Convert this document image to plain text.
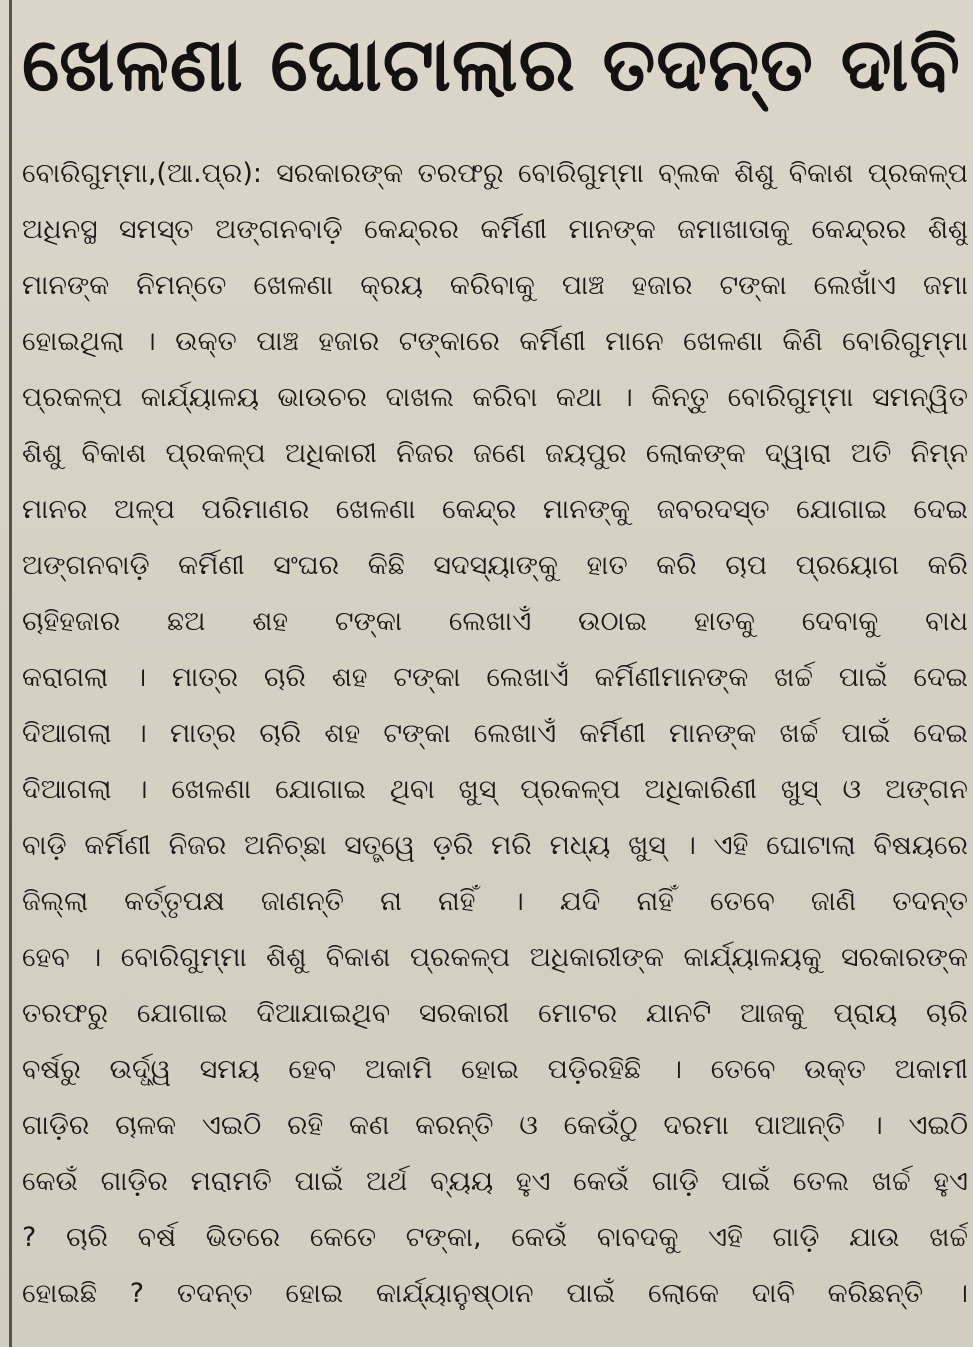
ଖେଳଣା ଘୋଟାଲାର ତଦନ୍ତ ଦାବି
ବୋରିଗୁମ୍ମା,(ଆ.ପ୍ର): ସରକାରଙ୍କ ତରଫରୁ ବୋରିଗୁମ୍ମା ବ୍ଲକ ଶିଶୁ ବିକାଶ ପ୍ରକଳ୍ପ
ଅଧିନସ୍ଥ ସମସ୍ତ ଅଙ୍ଗନବାଡ଼ି କେନ୍ଦ୍ରର କର୍ମିଣୀ ମାନଙ୍କ ଜମାଖାତାକୁ କେନ୍ଦ୍ରର ଶିଶୁ
ମାନଙ୍କ ନିମନ୍ତେ ଖେଳଣା କ୍ରୟ କରିବାକୁ ପାଞ୍ଚ ହଜାର ଟଙ୍କା ଲେଖାଁଏ ଜମା
ହୋଇଥିଲା । ଉକ୍ତ ପାଞ୍ଚ ହଜାର ଟଙ୍କାରେ କର୍ମିଣୀ ମାନେ ଖେଳଣା କିଣି ବୋରିଗୁମ୍ମା
ପ୍ରକଳ୍ପ କାର୍ଯ୍ୟାଳୟ ଭାଉଚର ଦାଖଲ କରିବା କଥା । କିନ୍ତୁ ବୋରିଗୁମ୍ମା ସମନ୍ୱିତ
ଶିଶୁ ବିକାଶ ପ୍ରକଳ୍ପ ଅଧିକାରୀ ନିଜର ଜଣେ ଜୟପୁର ଲୋକଙ୍କ ଦ୍ୱାରା ଅତି ନିମ୍ନ
ମାନର ଅଳ୍ପ ପରିମାଣର ଖେଳଣା କେନ୍ଦ୍ର ମାନଙ୍କୁ ଜବରଦସ୍ତ ଯୋଗାଇ ଦେଇ
ଅଙ୍ଗନବାଡ଼ି କର୍ମିଣୀ ସଂଘର କିଛି ସଦସ୍ୟାଙ୍କୁ ହାତ କରି ଚାପ ପ୍ରୟୋଗ କରି
ଚାହିହଜାର ଛଅ ଶହ ଟଙ୍କା ଲେଖାଏଁ ଉଠାଇ ହାତକୁ ଦେବାକୁ ବାଧ
କରାଗଲା । ମାତ୍ର ଚାରି ଶହ ଟଙ୍କା ଲେଖାଏଁ କର୍ମିଣୀମାନଙ୍କ ଖର୍ଚ୍ଚ ପାଇଁ ଦେଇ
ଦିଆଗଲା । ମାତ୍ର ଚାରି ଶହ ଟଙ୍କା ଲେଖାଏଁ କର୍ମିଣୀ ମାନଙ୍କ ଖର୍ଚ୍ଚ ପାଇଁ ଦେଇ
ଦିଆଗଲା । ଖେଳଣା ଯୋଗାଇ ଥିବା ଖୁସ୍ ପ୍ରକଳ୍ପ ଅଧିକାରିଣୀ ଖୁସ୍ ଓ ଅଙ୍ଗନ
ବାଡ଼ି କର୍ମିଣୀ ନିଜର ଅନିଚ୍ଛା ସତ୍ତ୍ୱେ ଡ଼ରି ମରି ମଧ୍ୟ ଖୁସ୍ । ଏହି ଘୋଟାଲା ବିଷୟରେ
ଜିଲ୍ଲା କର୍ତ୍ତୃପକ୍ଷ ଜାଣନ୍ତି ନା ନାହିଁ । ଯଦି ନାହିଁ ତେବେ ଜାଣି ତଦନ୍ତ
ହେବ । ବୋରିଗୁମ୍ମା ଶିଶୁ ବିକାଶ ପ୍ରକଳ୍ପ ଅଧିକାରୀଙ୍କ କାର୍ଯ୍ୟାଳୟକୁ ସରକାରଙ୍କ
ତରଫରୁ ଯୋଗାଇ ଦିଆଯାଇଥିବ ସରକାରୀ ମୋଟର ଯାନଟି ଆଜକୁ ପ୍ରାୟ ଚାରି
ବର୍ଷରୁ ଉର୍ଦ୍ଧ୍ୱ ସମୟ ହେବ ଅକାମି ହୋଇ ପଡ଼ିରହିଛି । ତେବେ ଉକ୍ତ ଅକାମୀ
ଗାଡ଼ିର ଚାଳକ ଏଇଠି ରହି କଣ କରନ୍ତି ଓ କେଉଁଠୁ ଦରମା ପାଆନ୍ତି । ଏଇଠି
କେଉଁ ଗାଡ଼ିର ମରାମତି ପାଇଁ ଅର୍ଥ ବ୍ୟୟ ହୁଏ କେଉଁ ଗାଡ଼ି ପାଇଁ ତେଲ ଖର୍ଚ୍ଚ ହୁଏ
? ଚାରି ବର୍ଷ ଭିତରେ କେତେ ଟଙ୍କା, କେଉଁ ବାବଦକୁ ଏହି ଗାଡ଼ି ଯାଉ ଖର୍ଚ୍ଚ
ହୋଇଛି ? ତଦନ୍ତ ହୋଇ କାର୍ଯ୍ୟାନୁଷ୍ଠାନ ପାଇଁ ଲୋକେ ଦାବି କରିଛନ୍ତି ।
